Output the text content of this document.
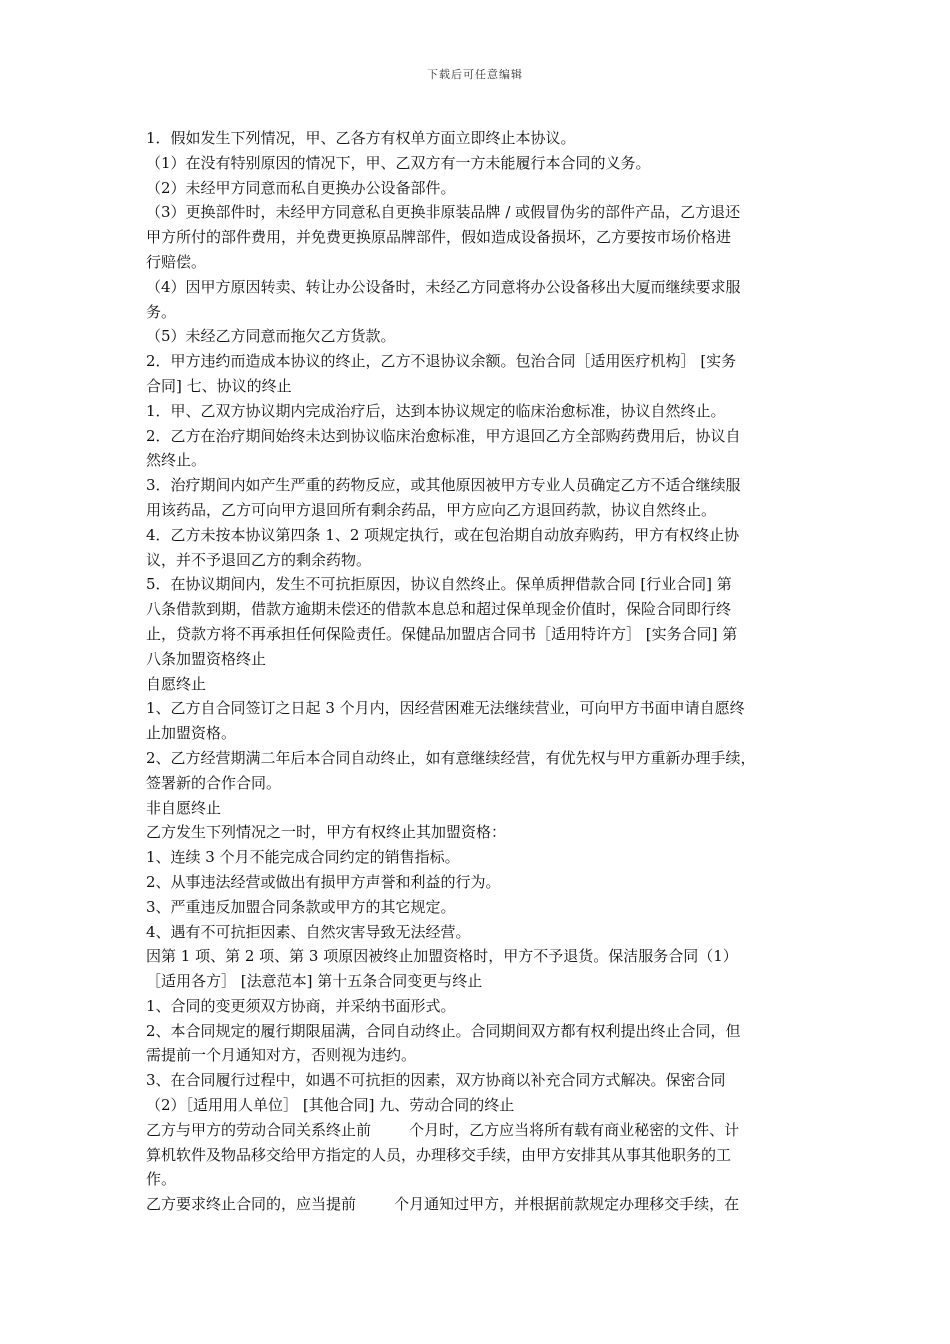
下载后可任意编辑
1．假如发生下列情况，甲、乙各方有权单方面立即终止本协议。
（1）在没有特别原因的情况下，甲、乙双方有一方未能履行本合同的义务。
（2）未经甲方同意而私自更换办公设备部件。
（3）更换部件时，未经甲方同意私自更换非原装品牌 / 或假冒伪劣的部件产品，乙方退还
甲方所付的部件费用，并免费更换原品牌部件，假如造成设备损坏，乙方要按市场价格进
行赔偿。
（4）因甲方原因转卖、转让办公设备时，未经乙方同意将办公设备移出大厦而继续要求服
务。
（5）未经乙方同意而拖欠乙方货款。
2．甲方违约而造成本协议的终止，乙方不退协议余额。包治合同［适用医疗机构］ [实务
合同] 七、协议的终止
1．甲、乙双方协议期内完成治疗后，达到本协议规定的临床治愈标准，协议自然终止。
2．乙方在治疗期间始终未达到协议临床治愈标准，甲方退回乙方全部购药费用后，协议自
然终止。
3．治疗期间内如产生严重的药物反应，或其他原因被甲方专业人员确定乙方不适合继续服
用该药品，乙方可向甲方退回所有剩余药品，甲方应向乙方退回药款，协议自然终止。
4．乙方未按本协议第四条 1、2 项规定执行，或在包治期自动放弃购药，甲方有权终止协
议，并不予退回乙方的剩余药物。
5．在协议期间内，发生不可抗拒原因，协议自然终止。保单质押借款合同 [行业合同] 第
八条借款到期，借款方逾期未偿还的借款本息总和超过保单现金价值时，保险合同即行终
止，贷款方将不再承担任何保险责任。保健品加盟店合同书［适用特许方］ [实务合同] 第
八条加盟资格终止
自愿终止
1、乙方自合同签订之日起 3 个月内，因经营困难无法继续营业，可向甲方书面申请自愿终
止加盟资格。
2、乙方经营期满二年后本合同自动终止，如有意继续经营，有优先权与甲方重新办理手续，
签署新的合作合同。
非自愿终止
乙方发生下列情况之一时，甲方有权终止其加盟资格：
1、连续 3 个月不能完成合同约定的销售指标。
2、从事违法经营或做出有损甲方声誉和利益的行为。
3、严重违反加盟合同条款或甲方的其它规定。
4、遇有不可抗拒因素、自然灾害导致无法经营。
因第 1 项、第 2 项、第 3 项原因被终止加盟资格时，甲方不予退货。保洁服务合同（1）
［适用各方］ [法意范本] 第十五条合同变更与终止
1、合同的变更须双方协商，并采纳书面形式。
2、本合同规定的履行期限届满，合同自动终止。合同期间双方都有权利提出终止合同，但
需提前一个月通知对方，否则视为违约。
3、在合同履行过程中，如遇不可抗拒的因素，双方协商以补充合同方式解决。保密合同
（2）［适用用人单位］ [其他合同] 九、劳动合同的终止
乙方与甲方的劳动合同关系终止前        个月时，乙方应当将所有载有商业秘密的文件、计
算机软件及物品移交给甲方指定的人员，办理移交手续，由甲方安排其从事其他职务的工
作。
乙方要求终止合同的，应当提前        个月通知过甲方，并根据前款规定办理移交手续，在
